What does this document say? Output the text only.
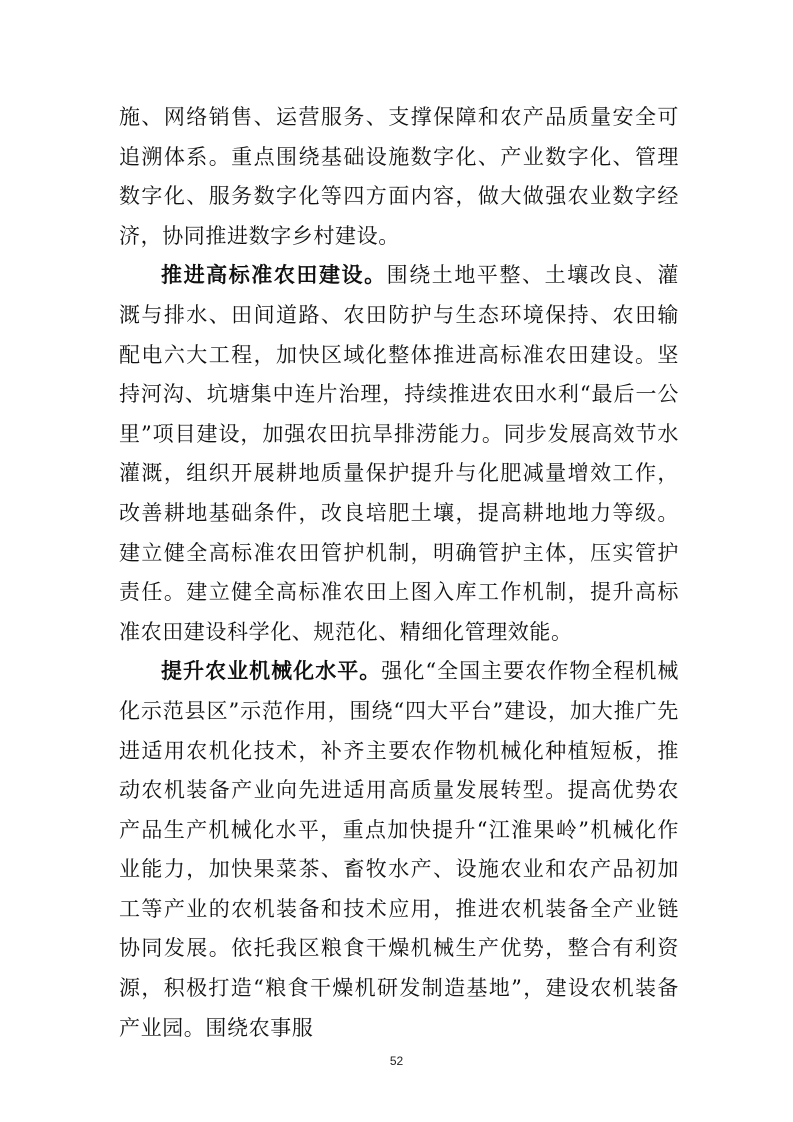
施、网络销售、运营服务、支撑保障和农产品质量安全可追溯体系。重点围绕基础设施数字化、产业数字化、管理数字化、服务数字化等四方面内容，做大做强农业数字经济，协同推进数字乡村建设。

推进高标准农田建设。围绕土地平整、土壤改良、灌溉与排水、田间道路、农田防护与生态环境保持、农田输配电六大工程，加快区域化整体推进高标准农田建设。坚持河沟、坑塘集中连片治理，持续推进农田水利“最后一公里”项目建设，加强农田抗旱排涝能力。同步发展高效节水灌溉，组织开展耕地质量保护提升与化肥减量增效工作，改善耕地基础条件，改良培肥土壤，提高耕地地力等级。建立健全高标准农田管护机制，明确管护主体，压实管护责任。建立健全高标准农田上图入库工作机制，提升高标准农田建设科学化、规范化、精细化管理效能。

提升农业机械化水平。强化“全国主要农作物全程机械化示范县区”示范作用，围绕“四大平台”建设，加大推广先进适用农机化技术，补齐主要农作物机械化种植短板，推动农机装备产业向先进适用高质量发展转型。提高优势农产品生产机械化水平，重点加快提升“江淮果岭”机械化作业能力，加快果菜茶、畜牧水产、设施农业和农产品初加工等产业的农机装备和技术应用，推进农机装备全产业链协同发展。依托我区粮食干燥机械生产优势，整合有利资源，积极打造“粮食干燥机研发制造基地”，建设农机装备产业园。围绕农事服

52
